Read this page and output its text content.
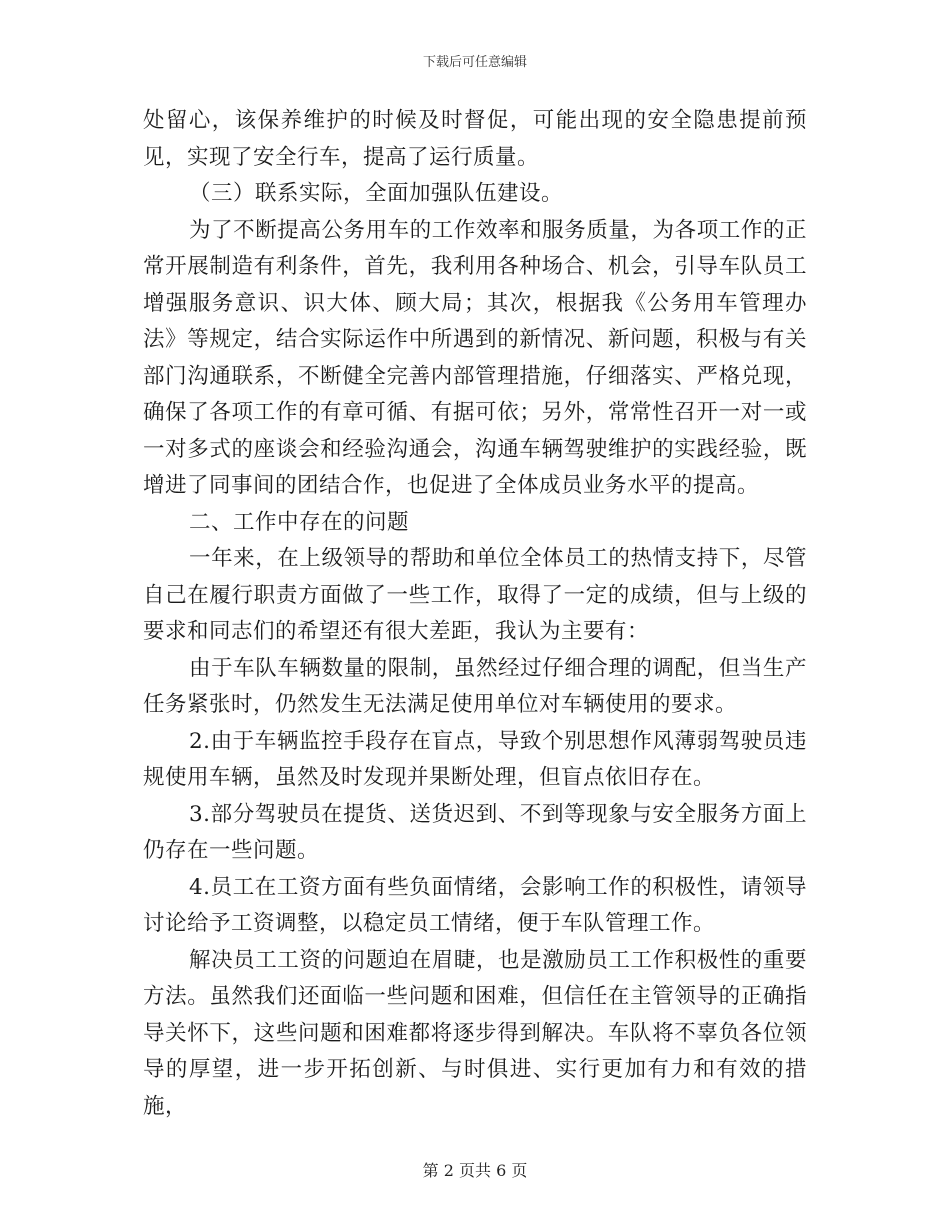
下载后可任意编辑

处留心，该保养维护的时候及时督促，可能出现的安全隐患提前预见，实现了安全行车，提高了运行质量。

（三）联系实际，全面加强队伍建设。

为了不断提高公务用车的工作效率和服务质量，为各项工作的正常开展制造有利条件，首先，我利用各种场合、机会，引导车队员工增强服务意识、识大体、顾大局；其次，根据我《公务用车管理办法》等规定，结合实际运作中所遇到的新情况、新问题，积极与有关部门沟通联系，不断健全完善内部管理措施，仔细落实、严格兑现，确保了各项工作的有章可循、有据可依；另外，常常性召开一对一或一对多式的座谈会和经验沟通会，沟通车辆驾驶维护的实践经验，既增进了同事间的团结合作，也促进了全体成员业务水平的提高。

二、工作中存在的问题

一年来，在上级领导的帮助和单位全体员工的热情支持下，尽管自己在履行职责方面做了一些工作，取得了一定的成绩，但与上级的要求和同志们的希望还有很大差距，我认为主要有：

由于车队车辆数量的限制，虽然经过仔细合理的调配，但当生产任务紧张时，仍然发生无法满足使用单位对车辆使用的要求。

2.由于车辆监控手段存在盲点，导致个别思想作风薄弱驾驶员违规使用车辆，虽然及时发现并果断处理，但盲点依旧存在。

3.部分驾驶员在提货、送货迟到、不到等现象与安全服务方面上仍存在一些问题。

4.员工在工资方面有些负面情绪，会影响工作的积极性，请领导讨论给予工资调整，以稳定员工情绪，便于车队管理工作。

解决员工工资的问题迫在眉睫，也是激励员工工作积极性的重要方法。虽然我们还面临一些问题和困难，但信任在主管领导的正确指导关怀下，这些问题和困难都将逐步得到解决。车队将不辜负各位领导的厚望，进一步开拓创新、与时俱进、实行更加有力和有效的措施，

第 2 页共 6 页
